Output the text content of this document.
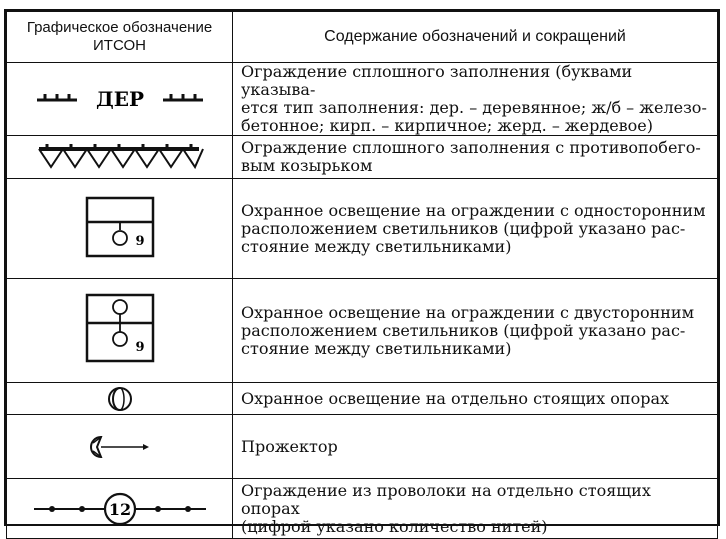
Графическое обозначение
ИТСОН	Содержание обозначений и сокращений

ДЕР	Ограждение сплошного заполнения (буквами указыва-
ется тип заполнения: дер. – деревянное; ж/б – железо-
бетонное; кирп. – кирпичное; жерд. – жердевое)

Ограждение сплошного заполнения с противопобего-
вым козырьком

9	Охранное освещение на ограждении с односторонним
расположением светильников (цифрой указано рас-
стояние между светильниками)

9	Охранное освещение на ограждении с двусторонним
расположением светильников (цифрой указано рас-
стояние между светильниками)

Охранное освещение на отдельно стоящих опорах

Прожектор

12	Ограждение из проволоки на отдельно стоящих опорах
(цифрой указано количество нитей)
